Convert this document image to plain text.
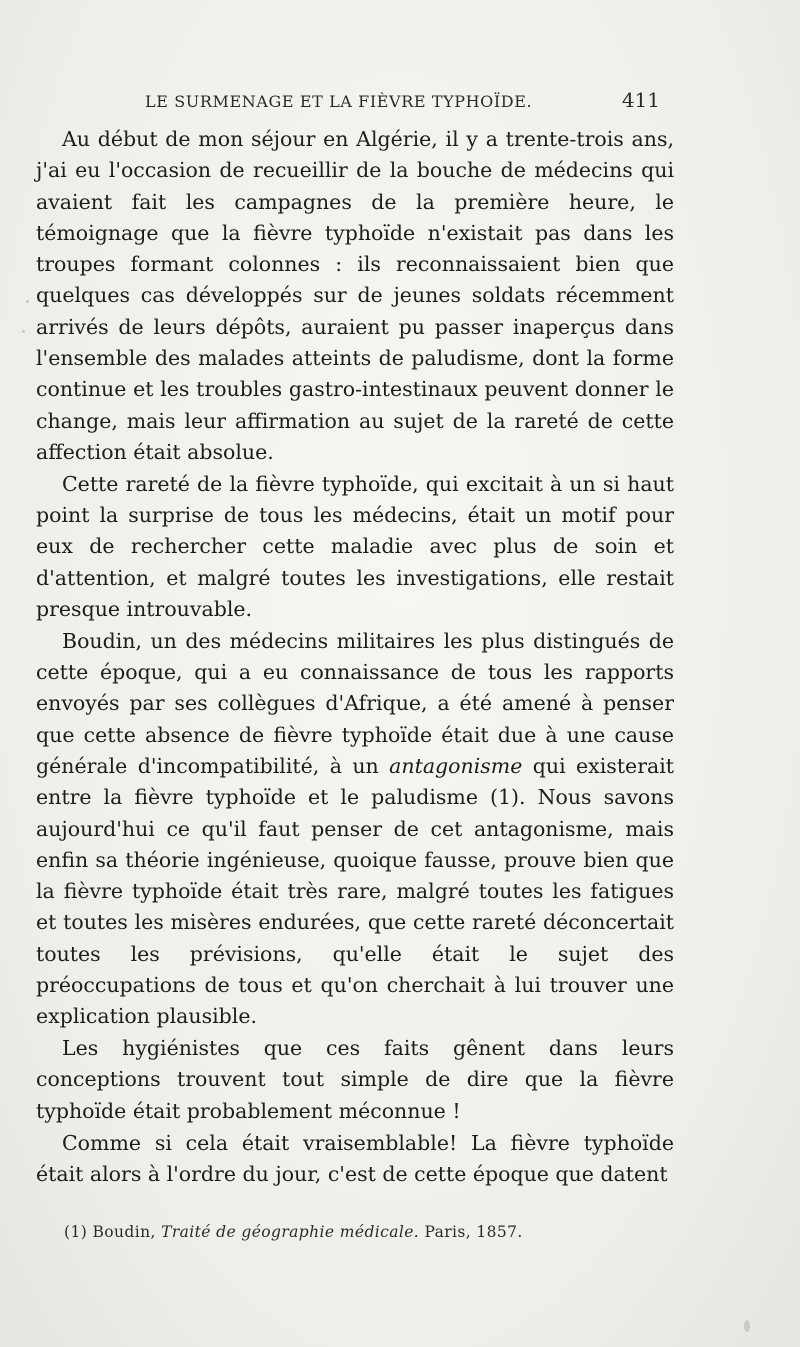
LE SURMENAGE ET LA FIÈVRE TYPHOÏDE.	411

Au début de mon séjour en Algérie, il y a trente-trois ans, j'ai eu l'occasion de recueillir de la bouche de médecins qui avaient fait les campagnes de la première heure, le témoignage que la fièvre typhoïde n'existait pas dans les troupes formant colonnes : ils reconnaissaient bien que quelques cas développés sur de jeunes soldats récemment arrivés de leurs dépôts, auraient pu passer inaperçus dans l'ensemble des malades atteints de paludisme, dont la forme continue et les troubles gastro-intestinaux peuvent donner le change, mais leur affirmation au sujet de la rareté de cette affection était absolue.

Cette rareté de la fièvre typhoïde, qui excitait à un si haut point la surprise de tous les médecins, était un motif pour eux de rechercher cette maladie avec plus de soin et d'attention, et malgré toutes les investigations, elle restait presque introuvable.

Boudin, un des médecins militaires les plus distingués de cette époque, qui a eu connaissance de tous les rapports envoyés par ses collègues d'Afrique, a été amené à penser que cette absence de fièvre typhoïde était due à une cause générale d'incompatibilité, à un antagonisme qui existerait entre la fièvre typhoïde et le paludisme (1). Nous savons aujourd'hui ce qu'il faut penser de cet antagonisme, mais enfin sa théorie ingénieuse, quoique fausse, prouve bien que la fièvre typhoïde était très rare, malgré toutes les fatigues et toutes les misères endurées, que cette rareté déconcertait toutes les prévisions, qu'elle était le sujet des préoccupations de tous et qu'on cherchait à lui trouver une explication plausible.

Les hygiénistes que ces faits gênent dans leurs conceptions trouvent tout simple de dire que la fièvre typhoïde était probablement méconnue !

Comme si cela était vraisemblable! La fièvre typhoïde était alors à l'ordre du jour, c'est de cette époque que datent

(1) Boudin, Traité de géographie médicale. Paris, 1857.
